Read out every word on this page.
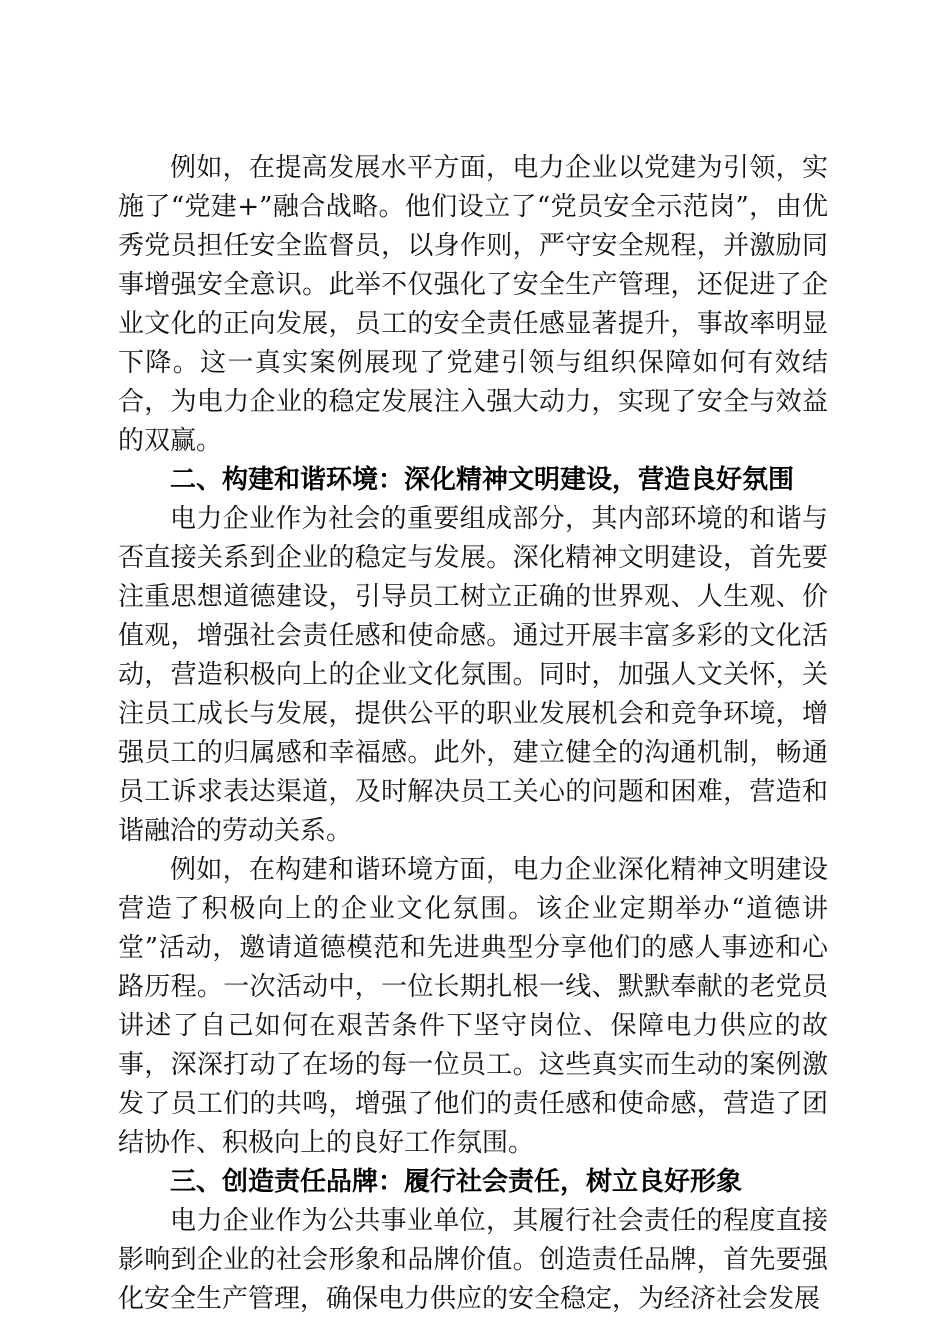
例如，在提高发展水平方面，电力企业以党建为引领，实施了“党建+”融合战略。他们设立了“党员安全示范岗”，由优秀党员担任安全监督员，以身作则，严守安全规程，并激励同事增强安全意识。此举不仅强化了安全生产管理，还促进了企业文化的正向发展，员工的安全责任感显著提升，事故率明显下降。这一真实案例展现了党建引领与组织保障如何有效结合，为电力企业的稳定发展注入强大动力，实现了安全与效益的双赢。

二、构建和谐环境：深化精神文明建设，营造良好氛围

电力企业作为社会的重要组成部分，其内部环境的和谐与否直接关系到企业的稳定与发展。深化精神文明建设，首先要注重思想道德建设，引导员工树立正确的世界观、人生观、价值观，增强社会责任感和使命感。通过开展丰富多彩的文化活动，营造积极向上的企业文化氛围。同时，加强人文关怀，关注员工成长与发展，提供公平的职业发展机会和竞争环境，增强员工的归属感和幸福感。此外，建立健全的沟通机制，畅通员工诉求表达渠道，及时解决员工关心的问题和困难，营造和谐融洽的劳动关系。

例如，在构建和谐环境方面，电力企业深化精神文明建设营造了积极向上的企业文化氛围。该企业定期举办“道德讲堂”活动，邀请道德模范和先进典型分享他们的感人事迹和心路历程。一次活动中，一位长期扎根一线、默默奉献的老党员讲述了自己如何在艰苦条件下坚守岗位、保障电力供应的故事，深深打动了在场的每一位员工。这些真实而生动的案例激发了员工们的共鸣，增强了他们的责任感和使命感，营造了团结协作、积极向上的良好工作氛围。

三、创造责任品牌：履行社会责任，树立良好形象

电力企业作为公共事业单位，其履行社会责任的程度直接影响到企业的社会形象和品牌价值。创造责任品牌，首先要强化安全生产管理，确保电力供应的安全稳定，为经济社会发展
